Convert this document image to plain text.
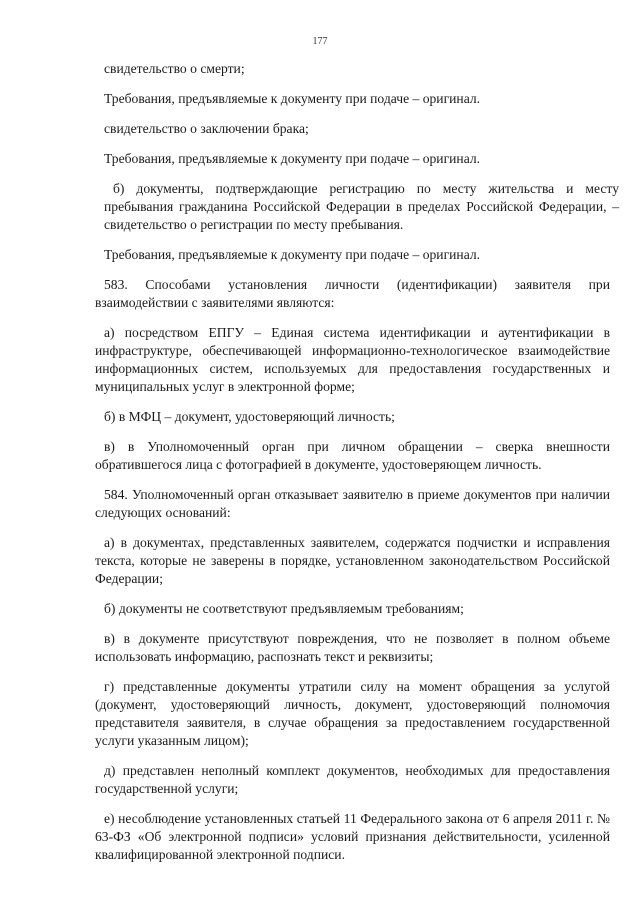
177

свидетельство о смерти;

Требования, предъявляемые к документу при подаче – оригинал.

свидетельство о заключении брака;

Требования, предъявляемые к документу при подаче – оригинал.

б) документы, подтверждающие регистрацию по месту жительства и месту пребывания гражданина Российской Федерации в пределах Российской Федерации, – свидетельство о регистрации по месту пребывания.

Требования, предъявляемые к документу при подаче – оригинал.

583. Способами установления личности (идентификации) заявителя при взаимодействии с заявителями являются:

а) посредством ЕПГУ – Единая система идентификации и аутентификации в инфраструктуре, обеспечивающей информационно-технологическое взаимодействие информационных систем, используемых для предоставления государственных и муниципальных услуг в электронной форме;

б) в МФЦ – документ, удостоверяющий личность;

в) в Уполномоченный орган при личном обращении – сверка внешности обратившегося лица с фотографией в документе, удостоверяющем личность.

584. Уполномоченный орган отказывает заявителю в приеме документов при наличии следующих оснований:

а) в документах, представленных заявителем, содержатся подчистки и исправления текста, которые не заверены в порядке, установленном законодательством Российской Федерации;

б) документы не соответствуют предъявляемым требованиям;

в) в документе присутствуют повреждения, что не позволяет в полном объеме использовать информацию, распознать текст и реквизиты;

г) представленные документы утратили силу на момент обращения за услугой (документ, удостоверяющий личность, документ, удостоверяющий полномочия представителя заявителя, в случае обращения за предоставлением государственной услуги указанным лицом);

д) представлен неполный комплект документов, необходимых для предоставления государственной услуги;

е) несоблюдение установленных статьей 11 Федерального закона от 6 апреля 2011 г. № 63-ФЗ «Об электронной подписи» условий признания действительности, усиленной квалифицированной электронной подписи.
